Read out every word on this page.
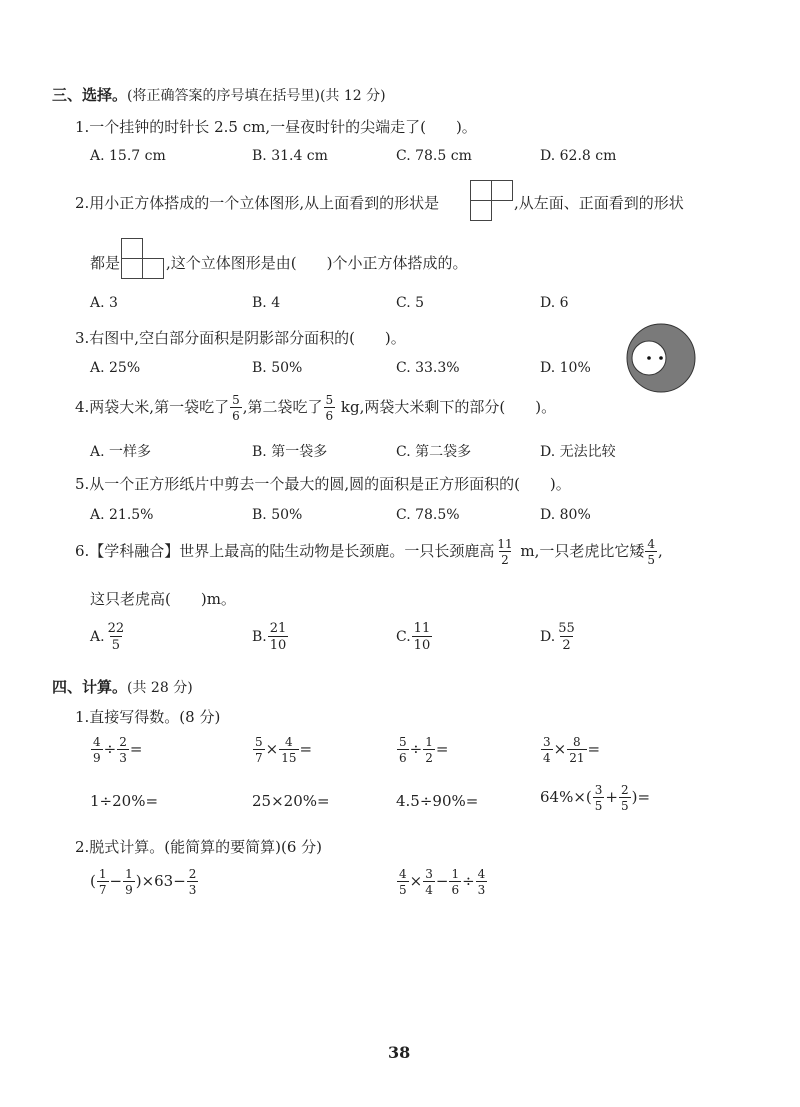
三、选择。(将正确答案的序号填在括号里)(共 12 分)
1.一个挂钟的时针长 2.5 cm,一昼夜时针的尖端走了(　　)。
A. 15.7 cm	B. 31.4 cm	C. 78.5 cm	D. 62.8 cm
2.用小正方体搭成的一个立体图形,从上面看到的形状是	,从左面、正面看到的形状
都是	,这个立体图形是由(　　)个小正方体搭成的。
A. 3	B. 4	C. 5	D. 6
3.右图中,空白部分面积是阴影部分面积的(　　)。
A. 25%	B. 50%	C. 33.3%	D. 10%
4.两袋大米,第一袋吃了 $\frac{5}{6}$ ,第二袋吃了 $\frac{5}{6}$ kg,两袋大米剩下的部分(　　)。
A. 一样多	B. 第一袋多	C. 第二袋多	D. 无法比较
5.从一个正方形纸片中剪去一个最大的圆,圆的面积是正方形面积的(　　)。
A. 21.5%	B. 50%	C. 78.5%	D. 80%
6.【学科融合】世界上最高的陆生动物是长颈鹿。一只长颈鹿高 $\frac{11}{2} m$,一只老虎比它矮 $\frac{4}{5}$ ,
这只老虎高(　　)m。
A. $\frac{22}{5}$	B. $\frac{21}{10}$	C. $\frac{11}{10}$	D. $\frac{55}{2}$
四、计算。(共 28 分)
1.直接写得数。(8 分)
$\frac{4}{9} \div \frac{2}{3}$ =	$\frac{5}{7} \times \frac{4}{15}$ =	$\frac{5}{6} \div \frac{1}{2}$ =	$\frac{3}{4} \times \frac{8}{21}$ =
1÷20%=	25×20%=	4.5÷90%=	$64\%\times( \frac{3}{5} + \frac{2}{5}$ )=
2.脱式计算。(能简算的要简算)(6 分)
( $\frac{1}{7} - \frac{1}{9} )\times 63- \frac{2}{3}$	$\frac{4}{5} \times \frac{3}{4} - \frac{1}{6} \div \frac{4}{3}$
38
